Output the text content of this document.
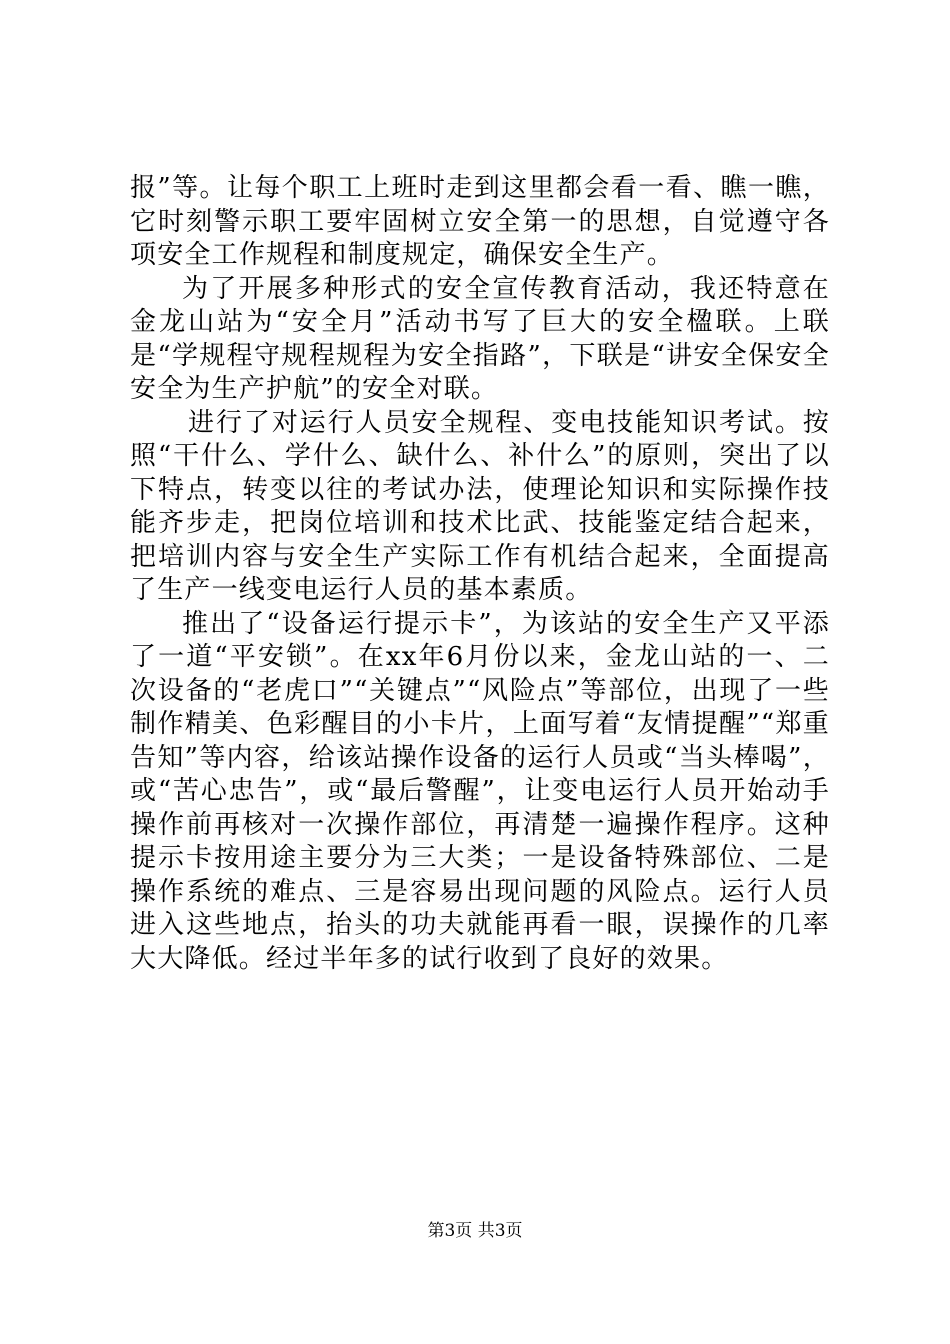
报”等。让每个职工上班时走到这里都会看一看、瞧一瞧，它时刻警示职工要牢固树立安全第一的思想，自觉遵守各项安全工作规程和制度规定，确保安全生产。

为了开展多种形式的安全宣传教育活动，我还特意在金龙山站为“安全月”活动书写了巨大的安全楹联。上联是“学规程守规程规程为安全指路”，下联是“讲安全保安全安全为生产护航”的安全对联。

进行了对运行人员安全规程、变电技能知识考试。按照“干什么、学什么、缺什么、补什么”的原则，突出了以下特点，转变以往的考试办法，使理论知识和实际操作技能齐步走，把岗位培训和技术比武、技能鉴定结合起来，把培训内容与安全生产实际工作有机结合起来，全面提高了生产一线变电运行人员的基本素质。

推出了“设备运行提示卡”，为该站的安全生产又平添了一道“平安锁”。在xx年6月份以来，金龙山站的一、二次设备的“老虎口”“关键点”“风险点”等部位，出现了一些制作精美、色彩醒目的小卡片，上面写着“友情提醒”“郑重告知”等内容，给该站操作设备的运行人员或“当头棒喝”，或“苦心忠告”，或“最后警醒”，让变电运行人员开始动手操作前再核对一次操作部位，再清楚一遍操作程序。这种提示卡按用途主要分为三大类；一是设备特殊部位、二是操作系统的难点、三是容易出现问题的风险点。运行人员进入这些地点，抬头的功夫就能再看一眼，误操作的几率大大降低。经过半年多的试行收到了良好的效果。

第3页 共3页
